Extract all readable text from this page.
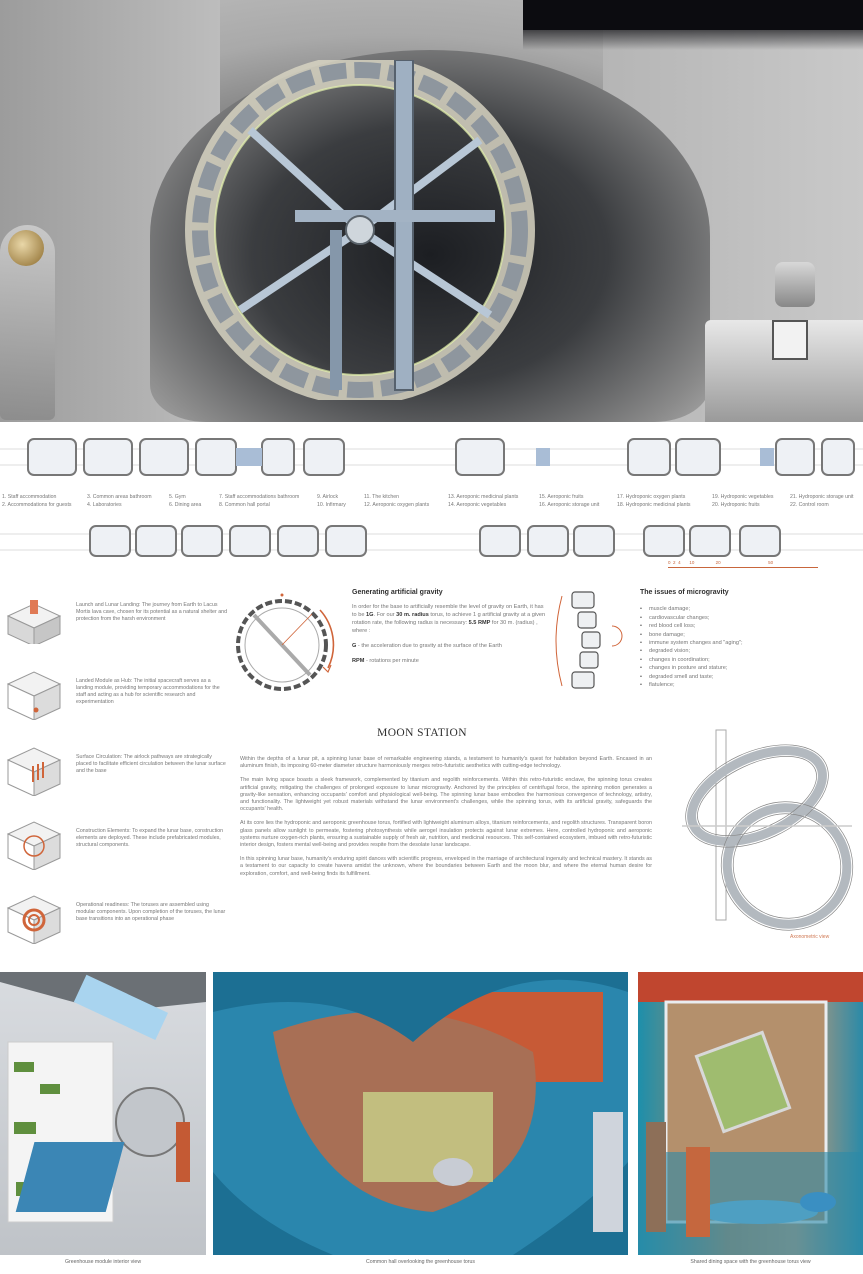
1. Staff accommodation
2. Accommodations for guests
3. Common areas bathroom
4. Laboratories
5. Gym
6. Dining area
7. Staff accommodations bathroom
8. Common hall portal
9. Airlock
10. Infirmary
11. The kitchen
12. Aeroponic oxygen plants
13. Aeroponic medicinal plants
14. Aeroponic vegetables
15. Aeroponic fruits
16. Aeroponic storage unit
17. Hydroponic oxygen plants
18. Hydroponic medicinal plants
19. Hydroponic vegetables
20. Hydroponic fruits
21. Hydroponic storage unit
22. Control room
0 2 4 10	20	50
Launch and Lunar Landing: The journey from Earth to Lacus Mortis lava cave, chosen for its potential as a natural shelter and protection from the harsh environment
Landed Module as Hub: The initial spacecraft serves as a landing module, providing temporary accommodations for the staff and acting as a hub for scientific research and experimentation
Surface Circulation: The airlock pathways are strategically placed to facilitate efficient circulation between the lunar surface and the base
Construction Elements: To expand the lunar base, construction elements are deployed. These include prefabricated modules, structural components.
Operational readiness: The toruses are assembled using modular components. Upon completion of the toruses, the lunar base transitions into an operational phase
Generating artificial gravity

In order for the base to artificially resemble the level of gravity on Earth, it has to be 1G. For our 30 m. radius torus, to achieve 1 g artificial gravity at a given rotation rate, the following radius is necessary: 5.5 RMP for 30 m. (radius) , where :

G - the acceleration due to gravity at the surface of the Earth

RPM - rotations per minute

The issues of microgravity
• muscle damage;
• cardiovascular changes;
• red blood cell loss;
• bone damage;
• immune system changes and "aging";
• degraded vision;
• changes in coordination;
• changes in posture and stature;
• degraded smell and taste;
• flatulence;
MOON STATION

Within the depths of a lunar pit, a spinning lunar base of remarkable engineering stands, a testament to humanity's quest for habitation beyond Earth. Encased in an aluminum finish, its imposing 60-meter diameter structure harmoniously merges retro-futuristic aesthetics with cutting-edge technology.

The main living space boasts a sleek framework, complemented by titanium and regolith reinforcements. Within this retro-futuristic enclave, the spinning torus creates artificial gravity, mitigating the challenges of prolonged exposure to lunar microgravity. Anchored by the principles of centrifugal force, the spinning motion generates a gravity-like sensation, enhancing occupants' comfort and physiological well-being. The spinning lunar base embodies the harmonious convergence of technology, artistry, and functionality. The lightweight yet robust materials withstand the lunar environment's challenges, while the spinning torus, with its artificial gravity, safeguards the occupants' health.

At its core lies the hydroponic and aeroponic greenhouse torus, fortified with lightweight aluminum alloys, titanium reinforcements, and regolith structures. Transparent boron glass panels allow sunlight to permeate, fostering photosynthesis while aerogel insulation protects against lunar extremes. Here, controlled hydroponic and aeroponic systems nurture oxygen-rich plants, ensuring a sustainable supply of fresh air, nutrition, and medicinal resources. This self-contained ecosystem, imbued with retro-futuristic interior design, fosters mental well-being and provides respite from the desolate lunar landscape.

In this spinning lunar base, humanity's enduring spirit dances with scientific progress, enveloped in the marriage of architectural ingenuity and technical mastery. It stands as a testament to our capacity to create havens amidst the unknown, where the boundaries between Earth and the moon blur, and where the eternal human desire for exploration, comfort, and well-being finds its fulfillment.

Axonometric view
Greenhouse module interior view	Common hall overlooking the greenhouse torus	Shared dining space with the greenhouse torus view
